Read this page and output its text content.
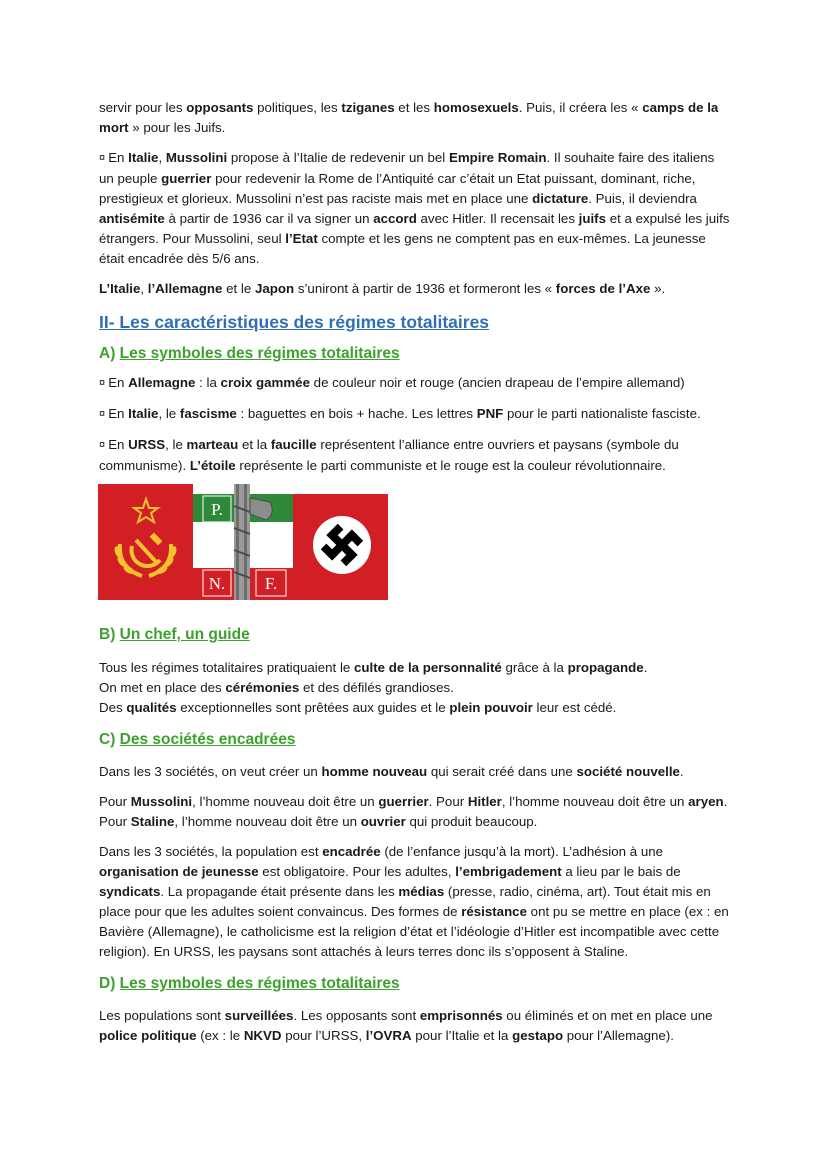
servir pour les opposants politiques, les tziganes et les homosexuels. Puis, il créera les « camps de la mort » pour les Juifs.

¤ En Italie, Mussolini propose à l’Italie de redevenir un bel Empire Romain. Il souhaite faire des italiens un peuple guerrier pour redevenir la Rome de l’Antiquité car c’était un Etat puissant, dominant, riche, prestigieux et glorieux. Mussolini n’est pas raciste mais met en place une dictature. Puis, il deviendra antisémite à partir de 1936 car il va signer un accord avec Hitler. Il recensait les juifs et a expulsé les juifs étrangers. Pour Mussolini, seul l’Etat compte et les gens ne comptent pas en eux-mêmes. La jeunesse était encadrée dès 5/6 ans.

L’Italie, l’Allemagne et le Japon s’uniront à partir de 1936 et formeront les « forces de l’Axe ».

II- Les caractéristiques des régimes totalitaires
A) Les symboles des régimes totalitaires

¤ En Allemagne : la croix gammée de couleur noir et rouge (ancien drapeau de l’empire allemand)

¤ En Italie, le fascisme : baguettes en bois + hache. Les lettres PNF pour le parti nationaliste fasciste.

¤ En URSS, le marteau et la faucille représentent l’alliance entre ouvriers et paysans (symbole du communisme). L’étoile représente le parti communiste et le rouge est la couleur révolutionnaire.

P.
N. F.
B) Un chef, un guide

Tous les régimes totalitaires pratiquaient le culte de la personnalité grâce à la propagande.

On met en place des cérémonies et des défilés grandioses.

Des qualités exceptionnelles sont prêtées aux guides et le plein pouvoir leur est cédé.

C) Des sociétés encadrées

Dans les 3 sociétés, on veut créer un homme nouveau qui serait créé dans une société nouvelle.

Pour Mussolini, l’homme nouveau doit être un guerrier. Pour Hitler, l’homme nouveau doit être un aryen. Pour Staline, l’homme nouveau doit être un ouvrier qui produit beaucoup.

Dans les 3 sociétés, la population est encadrée (de l’enfance jusqu’à la mort). L’adhésion à une organisation de jeunesse est obligatoire. Pour les adultes, l’embrigadement a lieu par le bais de syndicats. La propagande était présente dans les médias (presse, radio, cinéma, art). Tout était mis en place pour que les adultes soient convaincus. Des formes de résistance ont pu se mettre en place (ex : en Bavière (Allemagne), le catholicisme est la religion d’état et l’idéologie d’Hitler est incompatible avec cette religion). En URSS, les paysans sont attachés à leurs terres donc ils s’opposent à Staline.

D) Les symboles des régimes totalitaires

Les populations sont surveillées. Les opposants sont emprisonnés ou éliminés et on met en place une police politique (ex : le NKVD pour l’URSS, l’OVRA pour l’Italie et la gestapo pour l’Allemagne).
